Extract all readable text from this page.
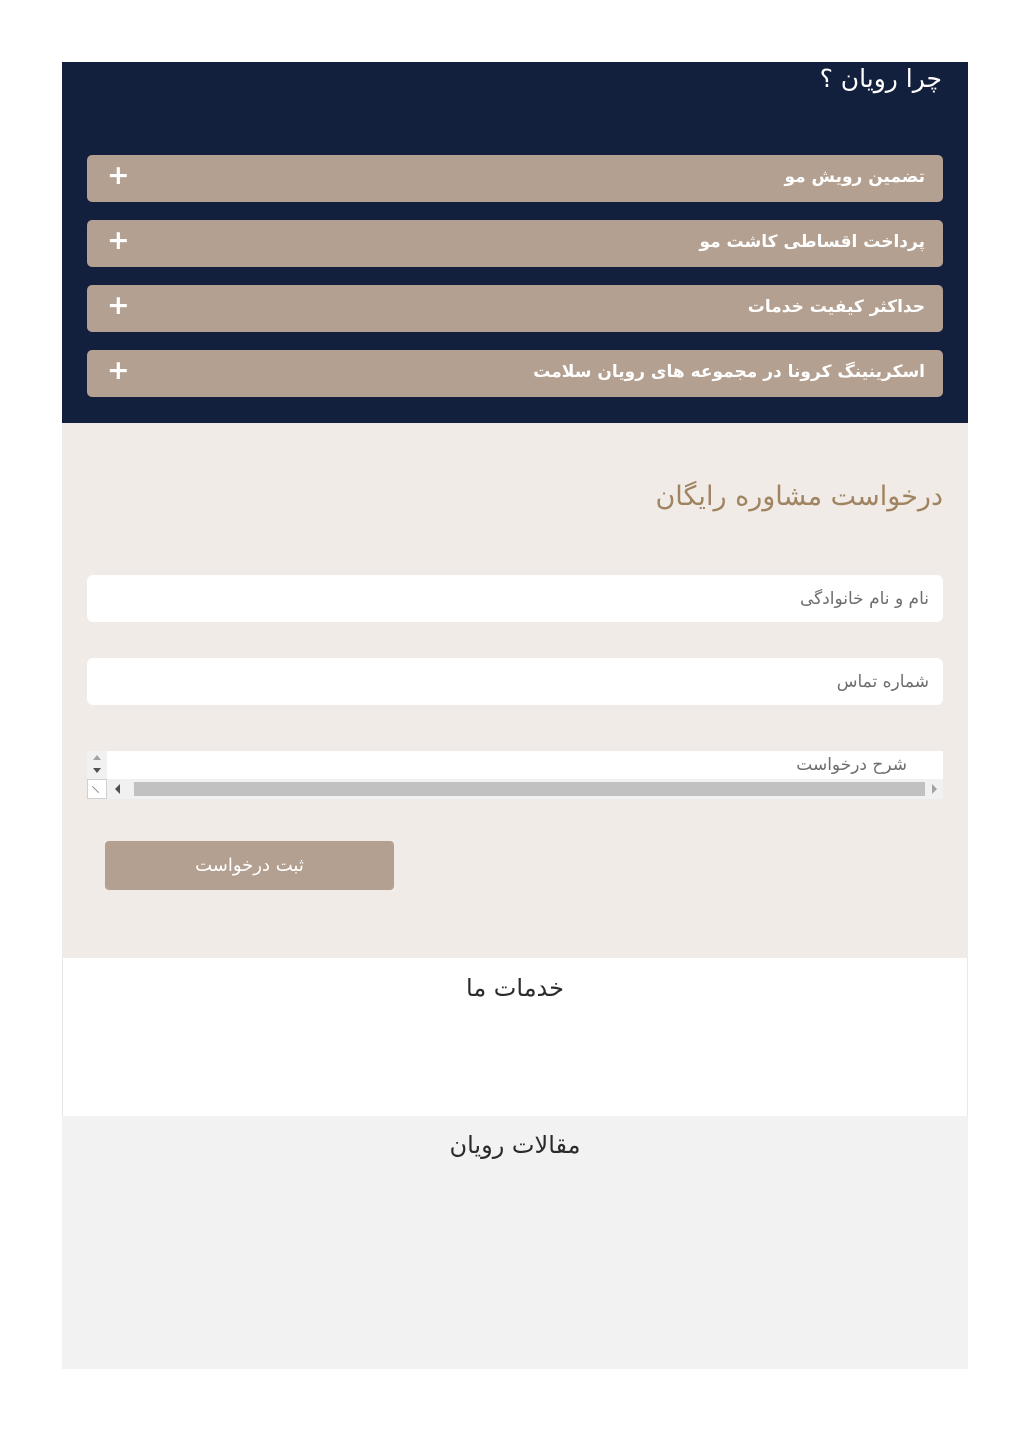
چرا رویان ؟
تضمین رویش مو
+
پرداخت اقساطی کاشت مو
+
حداکثر کیفیت خدمات
+
اسکرینینگ کرونا در مجموعه های رویان سلامت
+
درخواست مشاوره رایگان
نام و نام خانوادگی
شماره تماس
شرح درخواست
ثبت درخواست
خدمات ما
مقالات رویان
